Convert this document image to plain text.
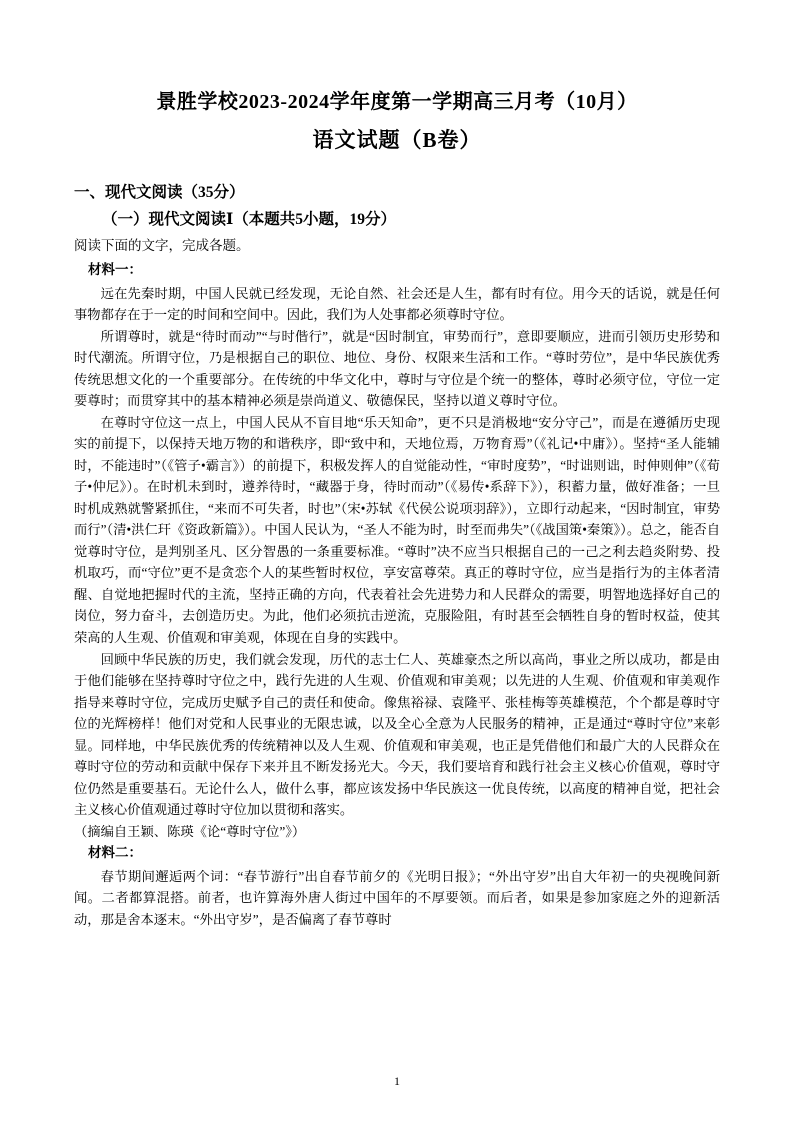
景胜学校2023-2024学年度第一学期高三月考（10月）
语文试题（B卷）
一、现代文阅读（35分）
（一）现代文阅读Ⅰ（本题共5小题，19分）
阅读下面的文字，完成各题。
材料一：

远在先秦时期，中国人民就已经发现，无论自然、社会还是人生，都有时有位。用今天的话说，就是任何事物都存在于一定的时间和空间中。因此，我们为人处事都必须尊时守位。

所谓尊时，就是“待时而动”“与时偕行”，就是“因时制宜，审势而行”，意即要顺应，进而引领历史形势和时代潮流。所谓守位，乃是根据自己的职位、地位、身份、权限来生活和工作。“尊时劳位”，是中华民族优秀传统思想文化的一个重要部分。在传统的中华文化中，尊时与守位是个统一的整体，尊时必须守位，守位一定要尊时；而贯穿其中的基本精神必须是崇尚道义、敬德保民，坚持以道义尊时守位。

在尊时守位这一点上，中国人民从不盲目地“乐天知命”，更不只是消极地“安分守己”，而是在遵循历史现实的前提下，以保持天地万物的和谐秩序，即“致中和，天地位焉，万物育焉”（《礼记•中庸》）。坚持“圣人能辅时，不能违时”（《管子•霸言》）的前提下，积极发挥人的自觉能动性，“审时度势”，“时诎则诎，时伸则伸”（《荀子•仲尼》）。在时机未到时，遵养待时，“藏器于身，待时而动”（《易传•系辞下》），积蓄力量，做好准备；一旦时机成熟就警紧抓住，“来而不可失者，时也”（宋•苏轼《代侯公说项羽辞》），立即行动起来，“因时制宜，审势而行”（清•洪仁玕《资政新篇》）。中国人民认为，“圣人不能为时，时至而弗失”（《战国策•秦策》）。总之，能否自觉尊时守位，是判别圣凡、区分智愚的一条重要标准。“尊时”决不应当只根据自己的一己之利去趋炎附势、投机取巧，而“守位”更不是贪恋个人的某些暂时权位，享安富尊荣。真正的尊时守位，应当是指行为的主体者清醒、自觉地把握时代的主流，坚持正确的方向，代表着社会先进势力和人民群众的需要，明智地选择好自己的岗位，努力奋斗，去创造历史。为此，他们必须抗击逆流，克服险阻，有时甚至会牺牲自身的暂时权益，使其荣高的人生观、价值观和审美观，体现在自身的实践中。

回顾中华民族的历史，我们就会发现，历代的志士仁人、英雄豪杰之所以高尚，事业之所以成功，都是由于他们能够在坚持尊时守位之中，践行先进的人生观、价值观和审美观；以先进的人生观、价值观和审美观作指导来尊时守位，完成历史赋予自己的责任和使命。像焦裕禄、袁隆平、张桂梅等英雄模范，个个都是尊时守位的光辉榜样！他们对党和人民事业的无限忠诚，以及全心全意为人民服务的精神，正是通过“尊时守位”来彰显。同样地，中华民族优秀的传统精神以及人生观、价值观和审美观，也正是凭借他们和最广大的人民群众在尊时守位的劳动和贡献中保存下来并且不断发扬光大。今天，我们要培育和践行社会主义核心价值观，尊时守位仍然是重要基石。无论什么人，做什么事，都应该发扬中华民族这一优良传统，以高度的精神自觉，把社会主义核心价值观通过尊时守位加以贯彻和落实。

（摘编自王颖、陈瑛《论“尊时守位”》）

材料二：

春节期间邂逅两个词：“春节游行”出自春节前夕的《光明日报》；“外出守岁”出自大年初一的央视晚间新闻。二者都算混搭。前者，也许算海外唐人街过中国年的不厚要领。而后者，如果是参加家庭之外的迎新活动，那是舍本逐末。“外出守岁”，是否偏离了春节尊时

1
